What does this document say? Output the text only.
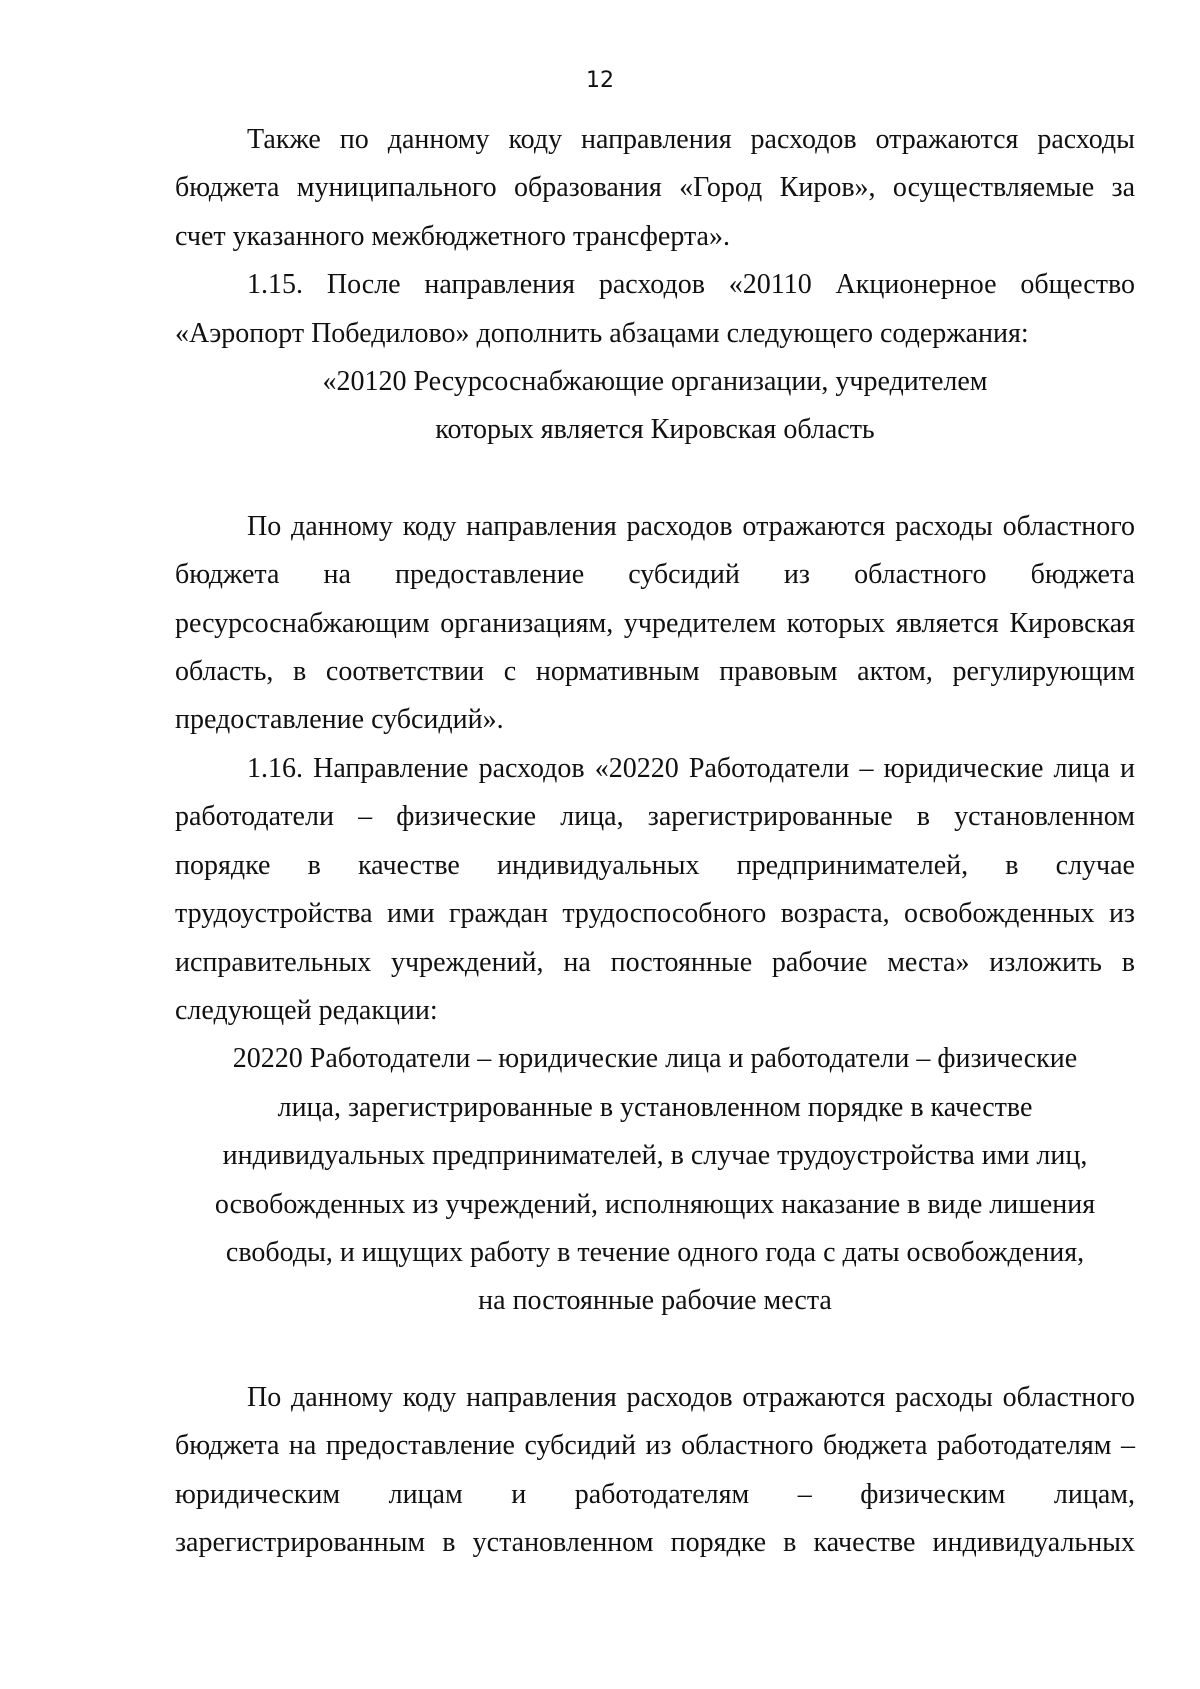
12

Также по данному коду направления расходов отражаются расходы
бюджета муниципального образования «Город Киров», осуществляемые за
счет указанного межбюджетного трансферта».

1.15. После направления расходов «20110 Акционерное общество
«Аэропорт Победилово» дополнить абзацами следующего содержания:

«20120 Ресурсоснабжающие организации, учредителем
которых является Кировская область

По данному коду направления расходов отражаются расходы областного
бюджета на предоставление субсидий из областного бюджета
ресурсоснабжающим организациям, учредителем которых является Кировская
область, в соответствии с нормативным правовым актом, регулирующим
предоставление субсидий».

1.16. Направление расходов «20220 Работодатели – юридические лица и
работодатели – физические лица, зарегистрированные в установленном
порядке в качестве индивидуальных предпринимателей, в случае
трудоустройства ими граждан трудоспособного возраста, освобожденных из
исправительных учреждений, на постоянные рабочие места» изложить в
следующей редакции:

20220 Работодатели – юридические лица и работодатели – физические
лица, зарегистрированные в установленном порядке в качестве
индивидуальных предпринимателей, в случае трудоустройства ими лиц,
освобожденных из учреждений, исполняющих наказание в виде лишения
свободы, и ищущих работу в течение одного года с даты освобождения,
на постоянные рабочие места

По данному коду направления расходов отражаются расходы областного
бюджета на предоставление субсидий из областного бюджета работодателям –
юридическим лицам и работодателям – физическим лицам,
зарегистрированным в установленном порядке в качестве индивидуальных
